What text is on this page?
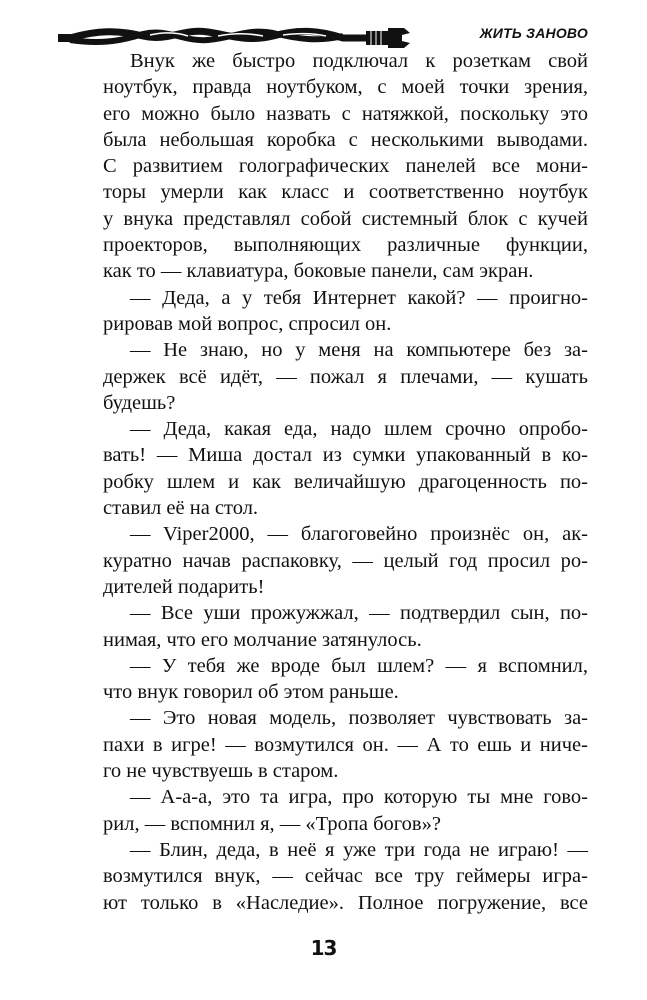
ЖИТЬ ЗАНОВО
Внук же быстро подключал к розеткам свой
ноутбук, правда ноутбуком, с моей точки зрения,
его можно было назвать с натяжкой, поскольку это
была небольшая коробка с несколькими выводами.
С развитием голографических панелей все мони-
торы умерли как класс и соответственно ноутбук
у внука представлял собой системный блок с кучей
проекторов, выполняющих различные функции,
как то — клавиатура, боковые панели, сам экран.
— Деда, а у тебя Интернет какой? — проигно-
рировав мой вопрос, спросил он.
— Не знаю, но у меня на компьютере без за-
держек всё идёт, — пожал я плечами, — кушать
будешь?
— Деда, какая еда, надо шлем срочно опробо-
вать! — Миша достал из сумки упакованный в ко-
робку шлем и как величайшую драгоценность по-
ставил её на стол.
— Viper2000, — благоговейно произнёс он, ак-
куратно начав распаковку, — целый год просил ро-
дителей подарить!
— Все уши прожужжал, — подтвердил сын, по-
нимая, что его молчание затянулось.
— У тебя же вроде был шлем? — я вспомнил,
что внук говорил об этом раньше.
— Это новая модель, позволяет чувствовать за-
пахи в игре! — возмутился он. — А то ешь и ниче-
го не чувствуешь в старом.
— А-а-а, это та игра, про которую ты мне гово-
рил, — вспомнил я, — «Тропа богов»?
— Блин, деда, в неё я уже три года не играю! —
возмутился внук, — сейчас все тру геймеры игра-
ют только в «Наследие». Полное погружение, все
13
